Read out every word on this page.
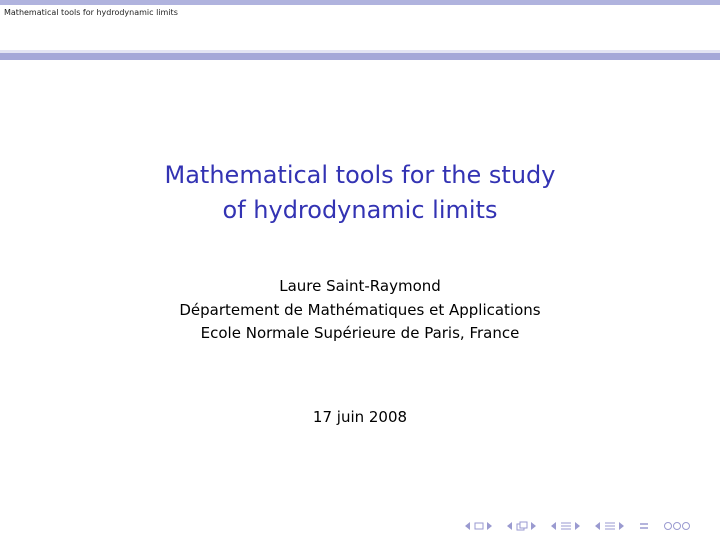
Mathematical tools for hydrodynamic limits
Mathematical tools for the study
of hydrodynamic limits
Laure Saint-Raymond
Département de Mathématiques et Applications
Ecole Normale Supérieure de Paris, France
17 juin 2008
